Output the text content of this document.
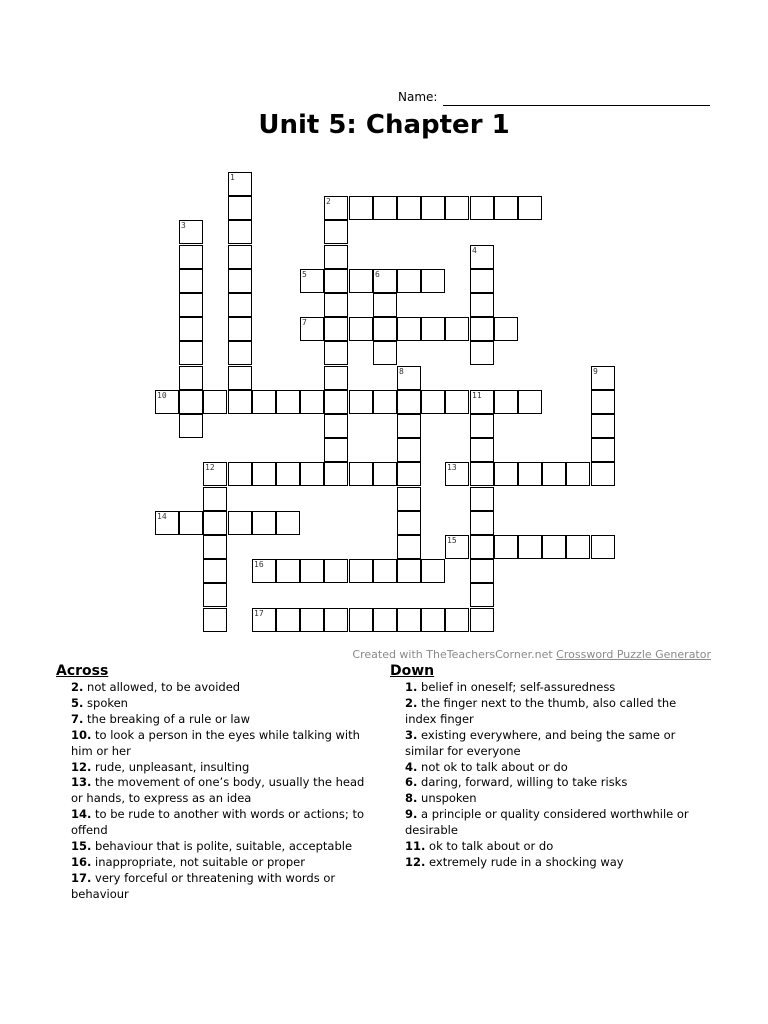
Name:
Unit 5: Chapter 1
1
2
3
4
5	6
7
8	9
10	11
12	13
14
15
16
17
Created with TheTeachersCorner.net Crossword Puzzle Generator
Across
2. not allowed, to be avoided
5. spoken
7. the breaking of a rule or law
10. to look a person in the eyes while talking with him or her
12. rude, unpleasant, insulting
13. the movement of one’s body, usually the head or hands, to express as an idea
14. to be rude to another with words or actions; to offend
15. behaviour that is polite, suitable, acceptable
16. inappropriate, not suitable or proper
17. very forceful or threatening with words or behaviour
Down
1. belief in oneself; self-assuredness
2. the finger next to the thumb, also called the index finger
3. existing everywhere, and being the same or similar for everyone
4. not ok to talk about or do
6. daring, forward, willing to take risks
8. unspoken
9. a principle or quality considered worthwhile or desirable
11. ok to talk about or do
12. extremely rude in a shocking way
